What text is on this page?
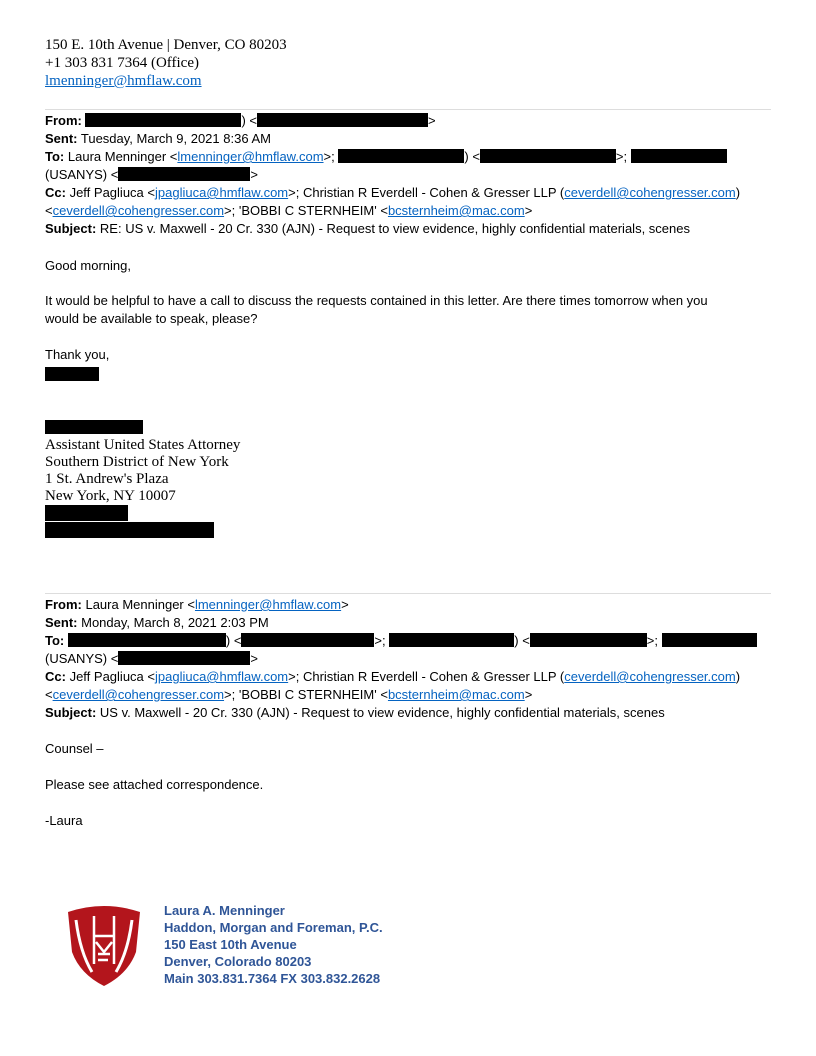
150 E. 10th Avenue | Denver, CO 80203
+1 303 831 7364 (Office)
lmenninger@hmflaw.com
From:	) <	>
Sent: Tuesday, March 9, 2021 8:36 AM
To: Laura Menninger <lmenninger@hmflaw.com>;	) <	>;
(USANYS) <	>
Cc: Jeff Pagliuca <jpagliuca@hmflaw.com>; Christian R Everdell - Cohen & Gresser LLP (ceverdell@cohengresser.com)
<ceverdell@cohengresser.com>; 'BOBBI C STERNHEIM' <bcsternheim@mac.com>
Subject: RE: US v. Maxwell - 20 Cr. 330 (AJN) - Request to view evidence, highly confidential materials, scenes
Good morning,
It would be helpful to have a call to discuss the requests contained in this letter. Are there times tomorrow when you
would be available to speak, please?
Thank you,
Assistant United States Attorney
Southern District of New York
1 St. Andrew's Plaza
New York, NY 10007
From: Laura Menninger <lmenninger@hmflaw.com>
Sent: Monday, March 8, 2021 2:03 PM
To:	) <	>;	) <	>;
(USANYS) <	>
Cc: Jeff Pagliuca <jpagliuca@hmflaw.com>; Christian R Everdell - Cohen & Gresser LLP (ceverdell@cohengresser.com)
<ceverdell@cohengresser.com>; 'BOBBI C STERNHEIM' <bcsternheim@mac.com>
Subject: US v. Maxwell - 20 Cr. 330 (AJN) - Request to view evidence, highly confidential materials, scenes
Counsel –
Please see attached correspondence.
-Laura
Laura A. Menninger
Haddon, Morgan and Foreman, P.C.
150 East 10th Avenue
Denver, Colorado 80203
Main 303.831.7364 FX 303.832.2628
